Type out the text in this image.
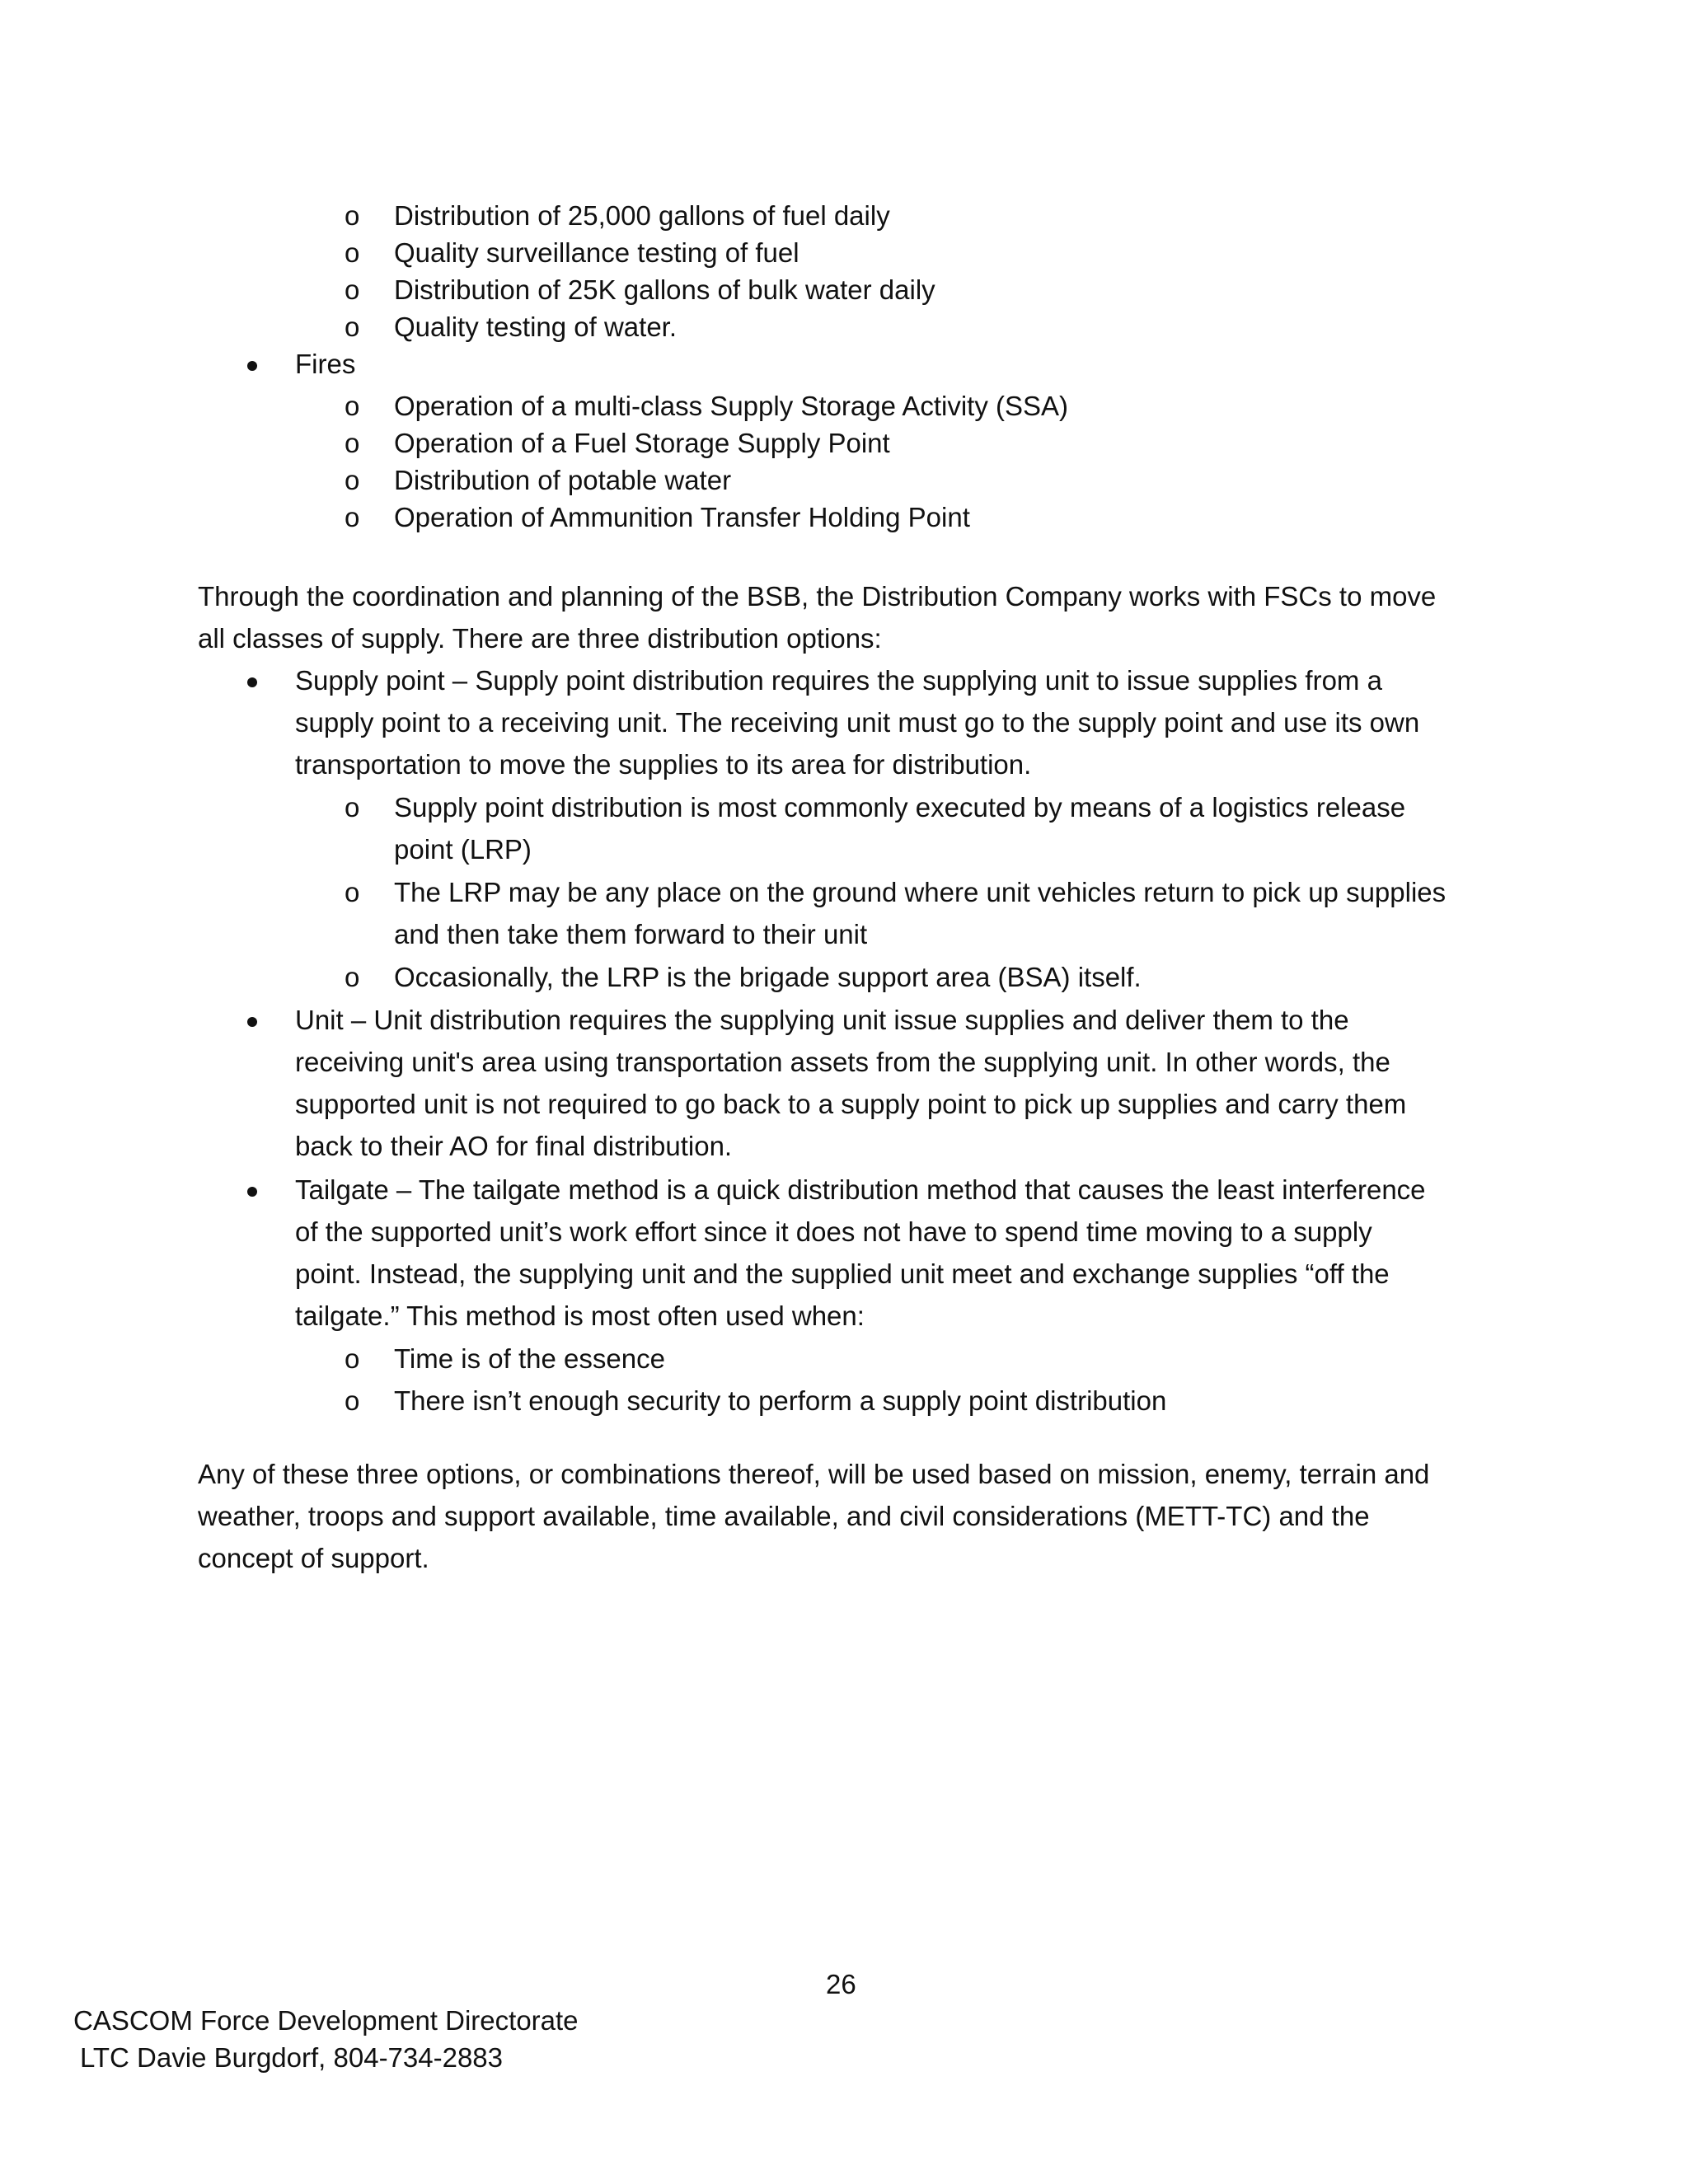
o Distribution of 25,000 gallons of fuel daily
o Quality surveillance testing of fuel
o Distribution of 25K gallons of bulk water daily
o Quality testing of water.
Fires
o Operation of a multi-class Supply Storage Activity (SSA)
o Operation of a Fuel Storage Supply Point
o Distribution of potable water
o Operation of Ammunition Transfer Holding Point
Through the coordination and planning of the BSB, the Distribution Company works with FSCs to move
all classes of supply. There are three distribution options:
Supply point – Supply point distribution requires the supplying unit to issue supplies from a
supply point to a receiving unit. The receiving unit must go to the supply point and use its own
transportation to move the supplies to its area for distribution.
o Supply point distribution is most commonly executed by means of a logistics release
point (LRP)
o The LRP may be any place on the ground where unit vehicles return to pick up supplies
and then take them forward to their unit
o Occasionally, the LRP is the brigade support area (BSA) itself.
Unit – Unit distribution requires the supplying unit issue supplies and deliver them to the
receiving unit's area using transportation assets from the supplying unit. In other words, the
supported unit is not required to go back to a supply point to pick up supplies and carry them
back to their AO for final distribution.
Tailgate – The tailgate method is a quick distribution method that causes the least interference
of the supported unit’s work effort since it does not have to spend time moving to a supply
point. Instead, the supplying unit and the supplied unit meet and exchange supplies “off the
tailgate.” This method is most often used when:
o Time is of the essence
o There isn’t enough security to perform a supply point distribution
Any of these three options, or combinations thereof, will be used based on mission, enemy, terrain and
weather, troops and support available, time available, and civil considerations (METT-TC) and the
concept of support.
26
CASCOM Force Development Directorate
LTC Davie Burgdorf, 804-734-2883
